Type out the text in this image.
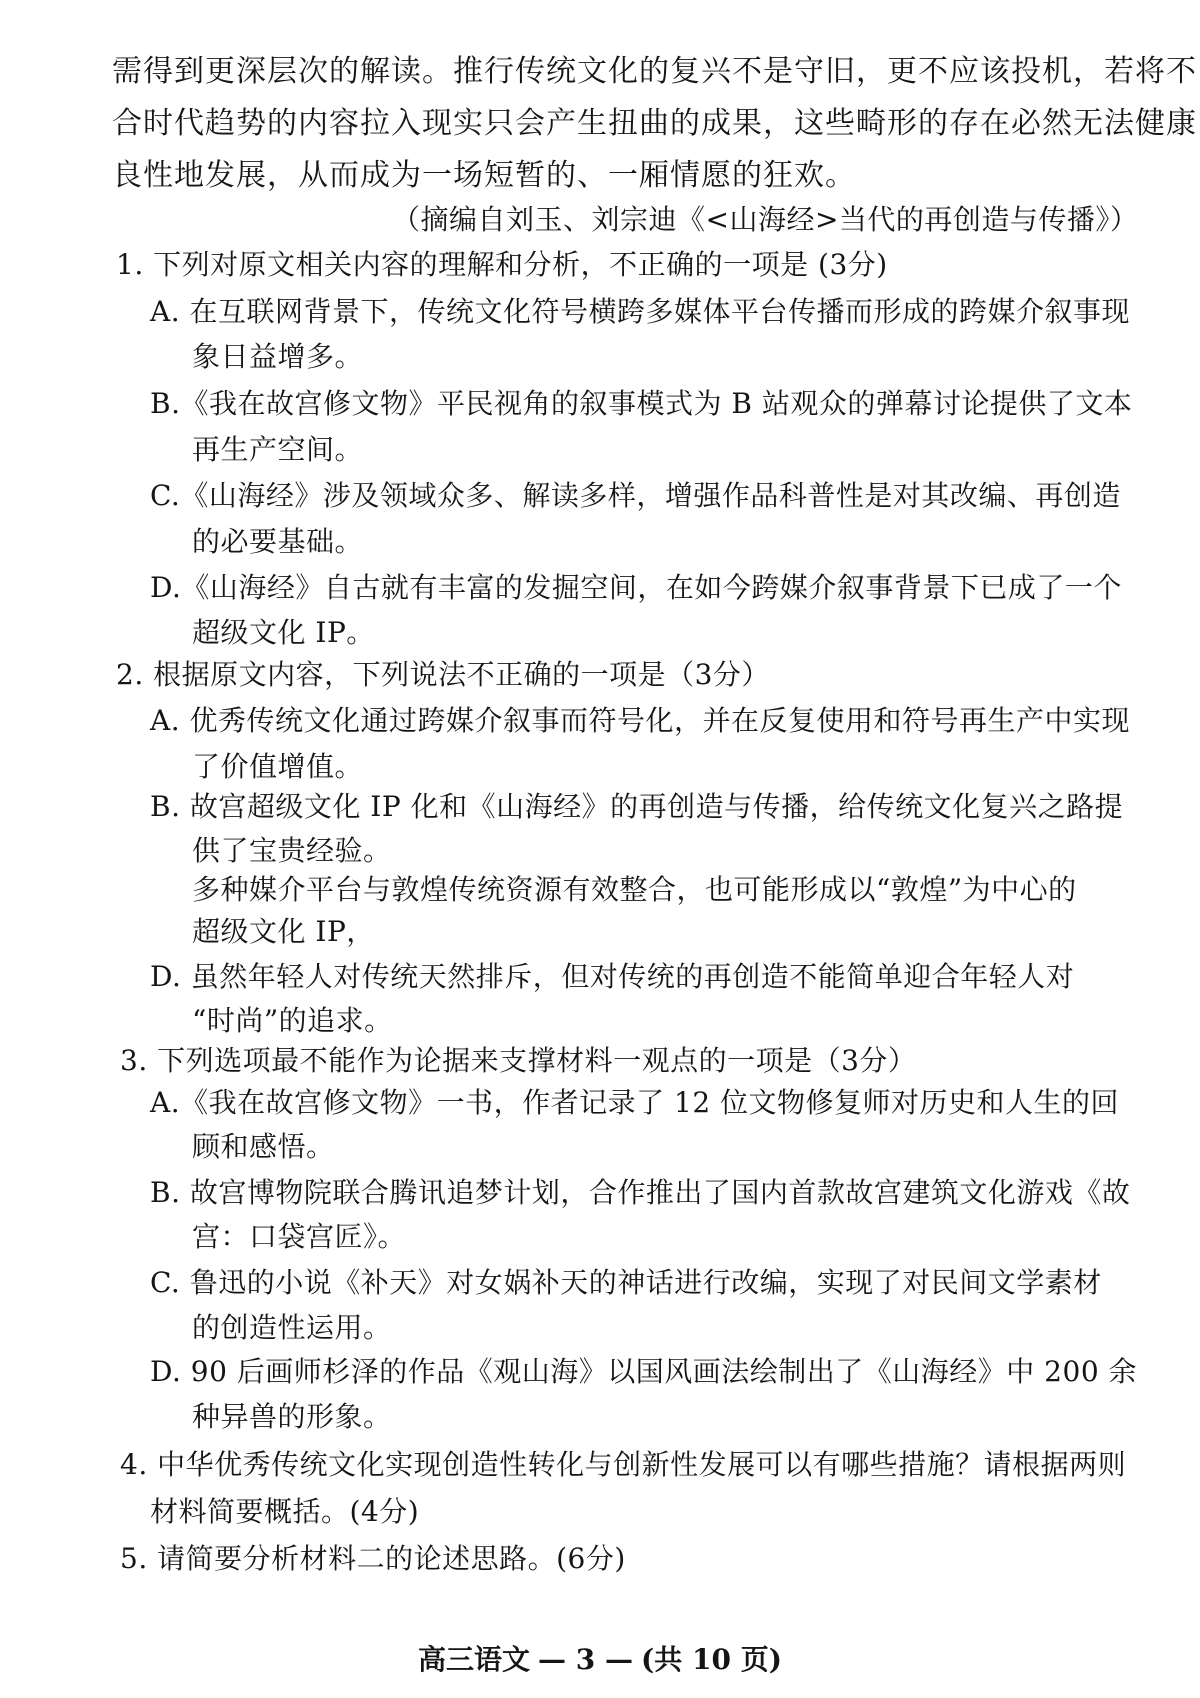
需得到更深层次的解读。推行传统文化的复兴不是守旧，更不应该投机，若将不
合时代趋势的内容拉入现实只会产生扭曲的成果，这些畸形的存在必然无法健康
良性地发展，从而成为一场短暂的、一厢情愿的狂欢。
（摘编自刘玉、刘宗迪《<山海经>当代的再创造与传播》）
1. 下列对原文相关内容的理解和分析，不正确的一项是 (3分)
A. 在互联网背景下，传统文化符号横跨多媒体平台传播而形成的跨媒介叙事现
象日益增多。
B.《我在故宫修文物》平民视角的叙事模式为 B 站观众的弹幕讨论提供了文本
再生产空间。
C.《山海经》涉及领域众多、解读多样，增强作品科普性是对其改编、再创造
的必要基础。
D.《山海经》自古就有丰富的发掘空间，在如今跨媒介叙事背景下已成了一个
超级文化 IP。
2. 根据原文内容，下列说法不正确的一项是（3分）
A. 优秀传统文化通过跨媒介叙事而符号化，并在反复使用和符号再生产中实现
了价值增值。
B. 故宫超级文化 IP 化和《山海经》的再创造与传播，给传统文化复兴之路提
供了宝贵经验。
多种媒介平台与敦煌传统资源有效整合，也可能形成以“敦煌”为中心的
超级文化 IP，
D. 虽然年轻人对传统天然排斥，但对传统的再创造不能简单迎合年轻人对
“时尚”的追求。
3. 下列选项最不能作为论据来支撑材料一观点的一项是（3分）
A.《我在故宫修文物》一书，作者记录了 12 位文物修复师对历史和人生的回
顾和感悟。
B. 故宫博物院联合腾讯追梦计划，合作推出了国内首款故宫建筑文化游戏《故
宫：口袋宫匠》。
C. 鲁迅的小说《补天》对女娲补天的神话进行改编，实现了对民间文学素材
的创造性运用。
D. 90 后画师杉泽的作品《观山海》以国风画法绘制出了《山海经》中 200 余
种异兽的形象。
4. 中华优秀传统文化实现创造性转化与创新性发展可以有哪些措施？请根据两则
材料简要概括。(4分)
5. 请简要分析材料二的论述思路。(6分)
高三语文 — 3 — (共 10 页)
